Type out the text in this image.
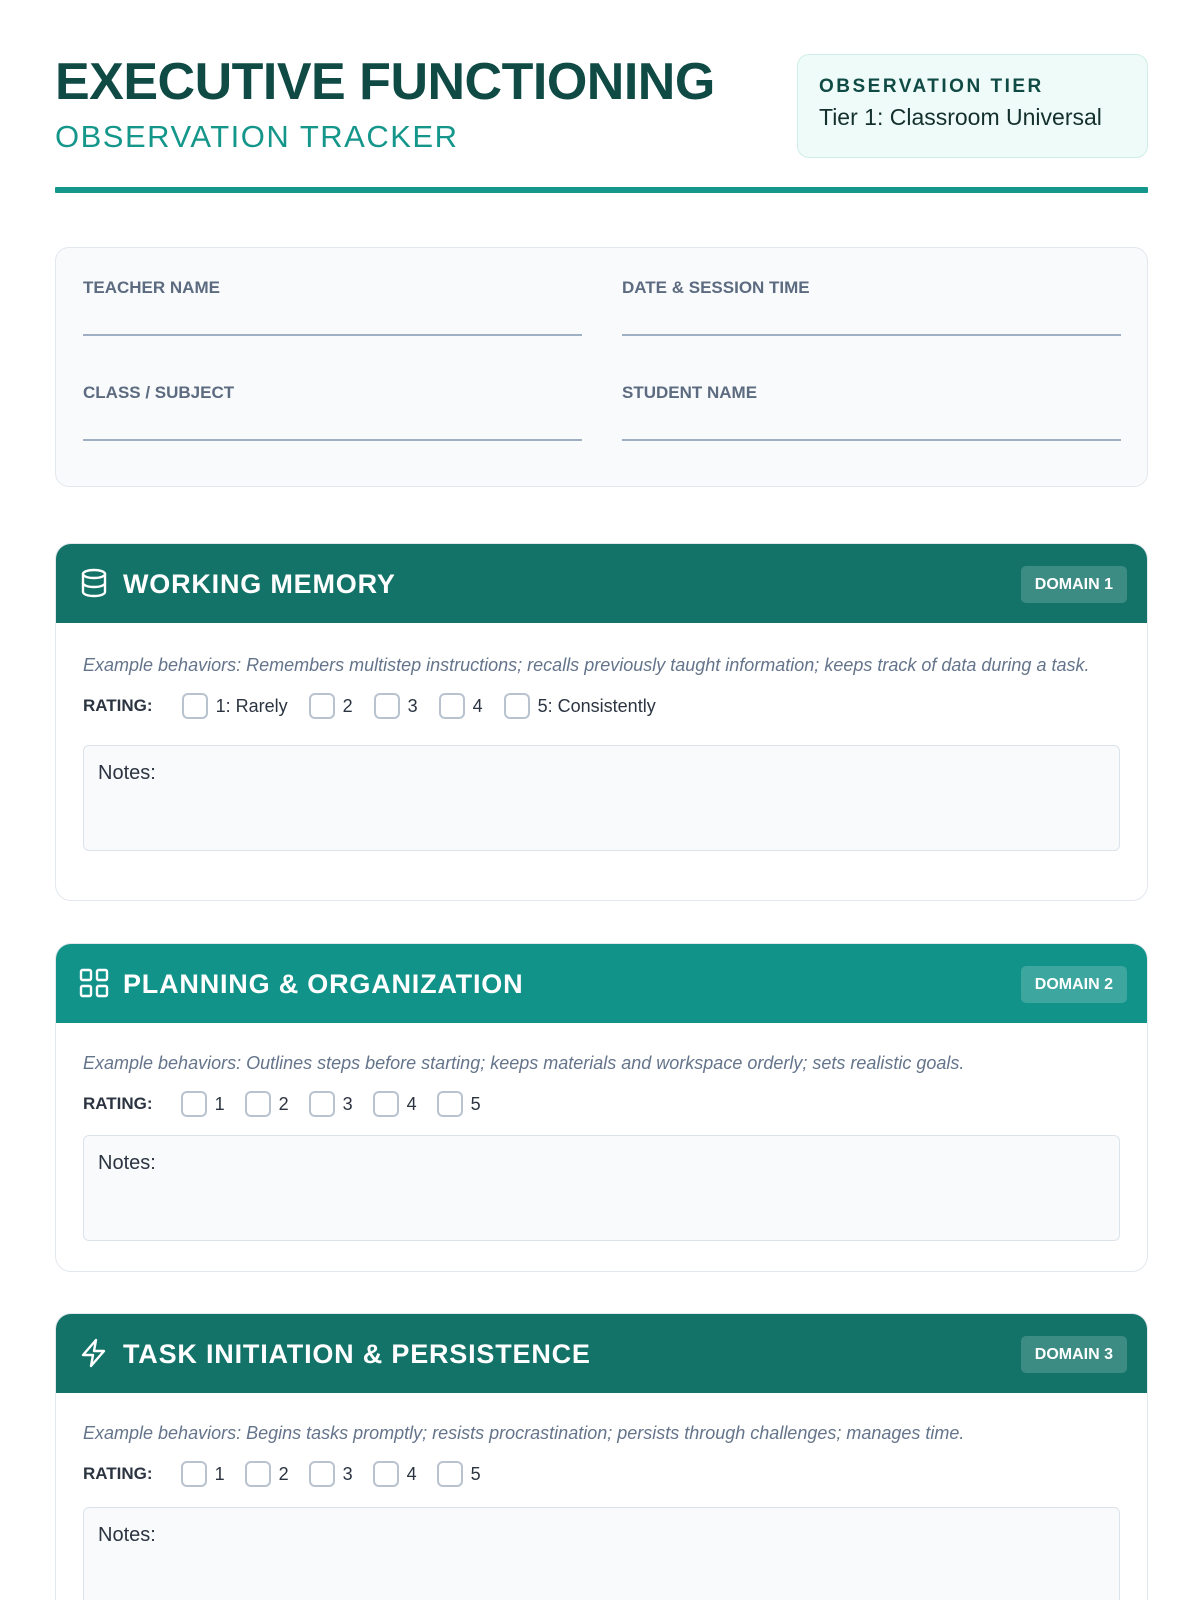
EXECUTIVE FUNCTIONING
OBSERVATION TRACKER
OBSERVATION TIER
Tier 1: Classroom Universal
TEACHER NAME	DATE & SESSION TIME
CLASS / SUBJECT	STUDENT NAME
WORKING MEMORY	DOMAIN 1
Example behaviors: Remembers multistep instructions; recalls previously taught information; keeps track of data during a task.
RATING:	1: Rarely	2	3	4	5: Consistently
Notes:
PLANNING & ORGANIZATION	DOMAIN 2
Example behaviors: Outlines steps before starting; keeps materials and workspace orderly; sets realistic goals.
RATING:	1	2	3	4	5
Notes:
TASK INITIATION & PERSISTENCE	DOMAIN 3
Example behaviors: Begins tasks promptly; resists procrastination; persists through challenges; manages time.
RATING:	1	2	3	4	5
Notes:
